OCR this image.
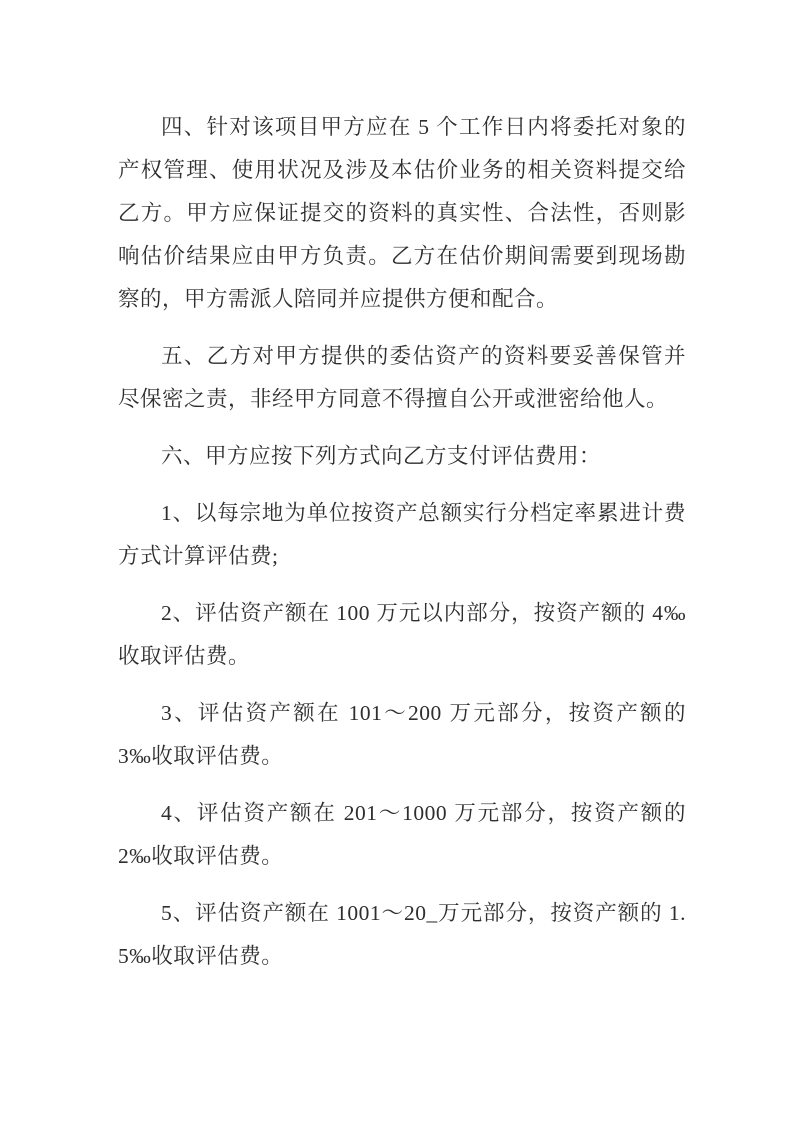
四、针对该项目甲方应在 5 个工作日内将委托对象的产权管理、使用状况及涉及本估价业务的相关资料提交给乙方。甲方应保证提交的资料的真实性、合法性，否则影响估价结果应由甲方负责。乙方在估价期间需要到现场勘察的，甲方需派人陪同并应提供方便和配合。

五、乙方对甲方提供的委估资产的资料要妥善保管并尽保密之责，非经甲方同意不得擅自公开或泄密给他人。

六、甲方应按下列方式向乙方支付评估费用：

1、以每宗地为单位按资产总额实行分档定率累进计费方式计算评估费;

2、评估资产额在 100 万元以内部分，按资产额的 4‰收取评估费。

3、评估资产额在 101～200 万元部分，按资产额的 3‰收取评估费。

4、评估资产额在 201～1000 万元部分，按资产额的 2‰收取评估费。

5、评估资产额在 1001～20_万元部分，按资产额的 1.5‰收取评估费。
